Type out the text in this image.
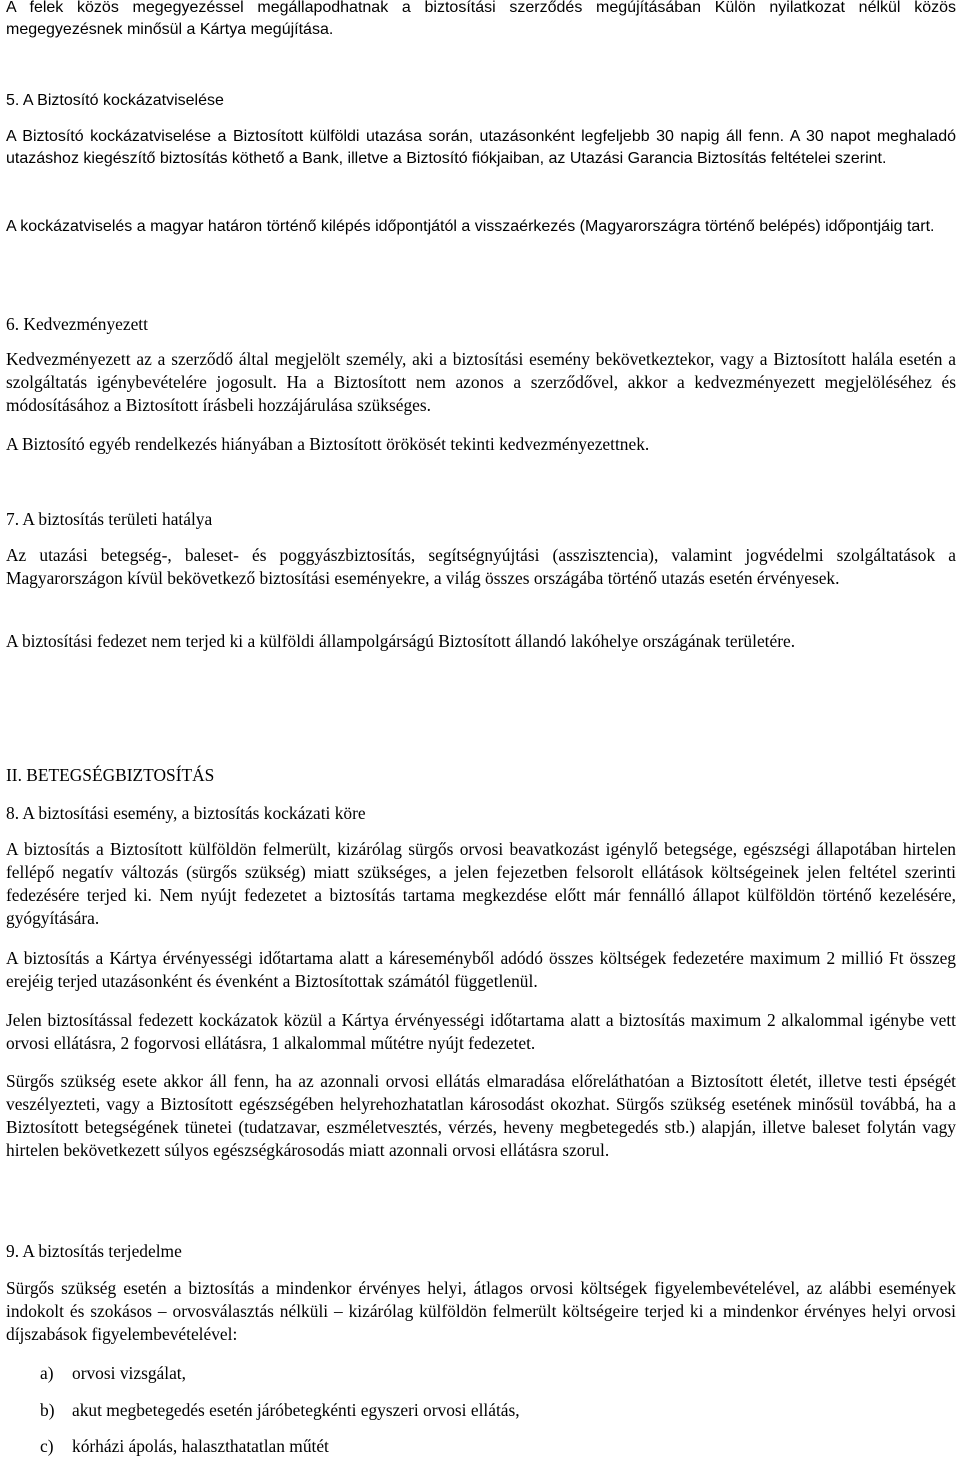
A felek közös megegyezéssel megállapodhatnak a biztosítási szerződés megújításában Külön nyilatkozat nélkül közös megegyezésnek minősül a Kártya megújítása.

5. A Biztosító kockázatviselése

A Biztosító kockázatviselése a Biztosított külföldi utazása során, utazásonként legfeljebb 30 napig áll fenn. A 30 napot meghaladó utazáshoz kiegészítő biztosítás köthető a Bank, illetve a Biztosító fiókjaiban, az Utazási Garancia Biztosítás feltételei szerint.

A kockázatviselés a magyar határon történő kilépés időpontjától a visszaérkezés (Magyarországra történő belépés) időpontjáig tart.

6. Kedvezményezett

Kedvezményezett az a szerződő által megjelölt személy, aki a biztosítási esemény bekövetkeztekor, vagy a Biztosított halála esetén a szolgáltatás igénybevételére jogosult. Ha a Biztosított nem azonos a szerződővel, akkor a kedvezményezett megjelöléséhez és módosításához a Biztosított írásbeli hozzájárulása szükséges.

A Biztosító egyéb rendelkezés hiányában a Biztosított örökösét tekinti kedvezményezettnek.

7. A biztosítás területi hatálya

Az utazási betegség-, baleset- és poggyászbiztosítás, segítségnyújtási (asszisztencia), valamint jogvédelmi szolgáltatások a Magyarországon kívül bekövetkező biztosítási eseményekre, a világ összes országába történő utazás esetén érvényesek.

A biztosítási fedezet nem terjed ki a külföldi állampolgárságú Biztosított állandó lakóhelye országának területére.

II. BETEGSÉGBIZTOSÍTÁS

8. A biztosítási esemény, a biztosítás kockázati köre

A biztosítás a Biztosított külföldön felmerült, kizárólag sürgős orvosi beavatkozást igénylő betegsége, egészségi állapotában hirtelen fellépő negatív változás (sürgős szükség) miatt szükséges, a jelen fejezetben felsorolt ellátások költségeinek jelen feltétel szerinti fedezésére terjed ki. Nem nyújt fedezetet a biztosítás tartama megkezdése előtt már fennálló állapot külföldön történő kezelésére, gyógyítására.

A biztosítás a Kártya érvényességi időtartama alatt a káreseményből adódó összes költségek fedezetére maximum 2 millió Ft összeg erejéig terjed utazásonként és évenként a Biztosítottak számától függetlenül.

Jelen biztosítással fedezett kockázatok közül a Kártya érvényességi időtartama alatt a biztosítás maximum 2 alkalommal igénybe vett orvosi ellátásra, 2 fogorvosi ellátásra, 1 alkalommal műtétre nyújt fedezetet.

Sürgős szükség esete akkor áll fenn, ha az azonnali orvosi ellátás elmaradása előreláthatóan a Biztosított életét, illetve testi épségét veszélyezteti, vagy a Biztosított egészségében helyrehozhatatlan károsodást okozhat. Sürgős szükség esetének minősül továbbá, ha a Biztosított betegségének tünetei (tudatzavar, eszméletvesztés, vérzés, heveny megbetegedés stb.) alapján, illetve baleset folytán vagy hirtelen bekövetkezett súlyos egészségkárosodás miatt azonnali orvosi ellátásra szorul.

9. A biztosítás terjedelme

Sürgős szükség esetén a biztosítás a mindenkor érvényes helyi, átlagos orvosi költségek figyelembevételével, az alábbi események indokolt és szokásos – orvosválasztás nélküli – kizárólag külföldön felmerült költségeire terjed ki a mindenkor érvényes helyi orvosi díjszabások figyelembevételével:

a)	orvosi vizsgálat,
b)	akut megbetegedés esetén járóbetegkénti egyszeri orvosi ellátás,
c)	kórházi ápolás, halaszthatatlan műtét
